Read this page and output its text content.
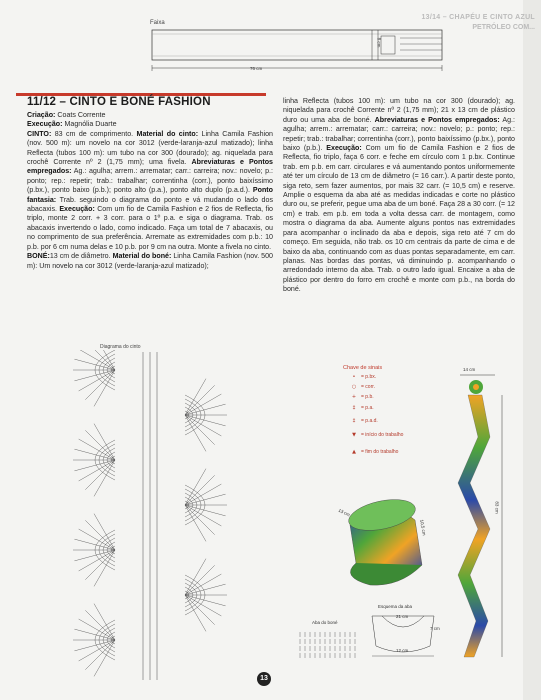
Faixa
76 cm
8 cm
13/14 – CHAPÉU E CINTO AZUL
PETRÓLEO COM...
11/12 – CINTO E BONÉ FASHION

Criação: Coats Corrente

Execução: Magnólia Duarte

CINTO: 83 cm de comprimento. Material do cinto: Linha Camila Fashion (nov. 500 m): um novelo na cor 3012 (verde-laranja-azul matizado); linha Reflecta (tubos 100 m): um tubo na cor 300 (dourado); ag. niquelada para crochê Corrente nº 2 (1,75 mm); uma fivela. Abreviaturas e Pontos empregados: Ag.: agulha; arrem.: arrematar; carr.: carreira; nov.: novelo; p.: ponto; rep.: repetir; trab.: trabalhar; correntinha (corr.), ponto baixíssimo (p.bx.), ponto baixo (p.b.); ponto alto (p.a.), ponto alto duplo (p.a.d.). Ponto fantasia: Trab. seguindo o diagrama do ponto e vá mudando o lado dos abacaxis. Execução: Com um fio de Camila Fashion e 2 fios de Reflecta, fio triplo, monte 2 corr. + 3 corr. para o 1º p.a. e siga o diagrama. Trab. os abacaxis invertendo o lado, como indicado. Faça um total de 7 abacaxis, ou no comprimento de sua preferência. Arremate as extremidades com p.b.: 10 p.b. por 6 cm numa delas e 10 p.b. por 9 cm na outra. Monte a fivela no cinto.

BONÉ:13 cm de diâmetro. Material do boné: Linha Camila Fashion (nov. 500 m): Um novelo na cor 3012 (verde-laranja-azul matizado);

linha Reflecta (tubos 100 m): um tubo na cor 300 (dourado); ag. niquelada para crochê Corrente nº 2 (1,75 mm); 21 x 13 cm de plástico duro ou uma aba de boné. Abreviaturas e Pontos empregados: Ag.: agulha; arrem.: arrematar; carr.: carreira; nov.: novelo; p.: ponto; rep.: repetir; trab.: trabalhar; correntinha (corr.), ponto baixíssimo (p.bx.), ponto baixo (p.b.). Execução: Com um fio de Camila Fashion e 2 fios de Reflecta, fio triplo, faça 6 corr. e feche em círculo com 1 p.bx. Continue trab. em p.b. em carr. circulares e vá aumentando pontos uniformemente até ter um círculo de 13 cm de diâmetro (= 16 carr.). A partir deste ponto, siga reto, sem fazer aumentos, por mais 32 carr. (= 10,5 cm) e reserve. Amplie o esquema da aba até as medidas indicadas e corte no plástico duro ou, se preferir, pegue uma aba de um boné. Faça 28 a 30 corr. (= 12 cm) e trab. em p.b. em toda a volta dessa carr. de montagem, como mostra o diagrama da aba. Aumente alguns pontos nas extremidades para acompanhar o inclinado da aba e depois, siga reto até 7 cm do começo. Em seguida, não trab. os 10 cm centrais da parte de cima e de baixo da aba, continuando com as duas pontas separadamente, em carr. planas. Nas bordas das pontas, vá diminuindo p. acompanhando o arredondado interno da aba. Trab. o outro lado igual. Encaixe a aba de plástico por dentro do forro em crochê e monte com p.b., na borda do boné.

Diagrama do cinto
Chave de sinais
• = p.bx.
○ = corr.
+ = p.b.
‡ = p.a.
‡ = p.a.d.
▼ = início do trabalho
▲ = fim do trabalho
14 cm
83 cm
13 cm
10,5 cm
Esquema da aba
21 cm
12 cm
7 cm
Aba do boné
13
